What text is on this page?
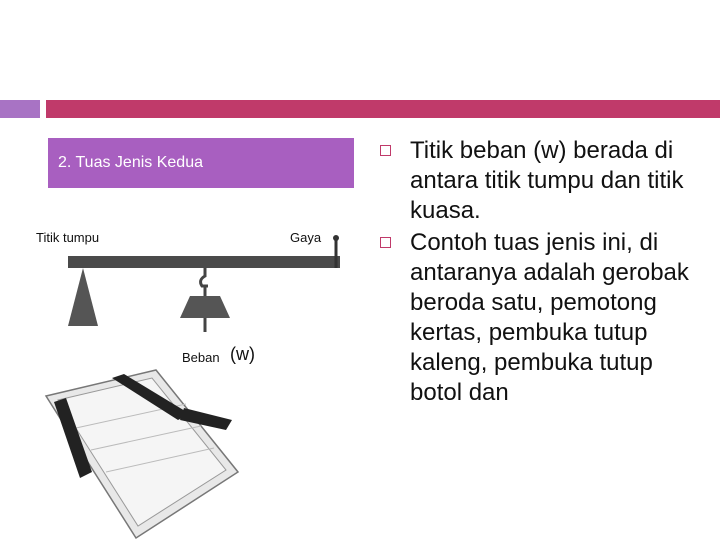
2. Tuas Jenis Kedua
Titik tumpu	Gaya
Beban (w)
Titik beban (w) berada di antara titik tumpu dan titik kuasa.
Contoh tuas jenis ini, di antaranya adalah gerobak beroda satu, pemotong kertas, pembuka tutup kaleng, pembuka tutup botol dan
